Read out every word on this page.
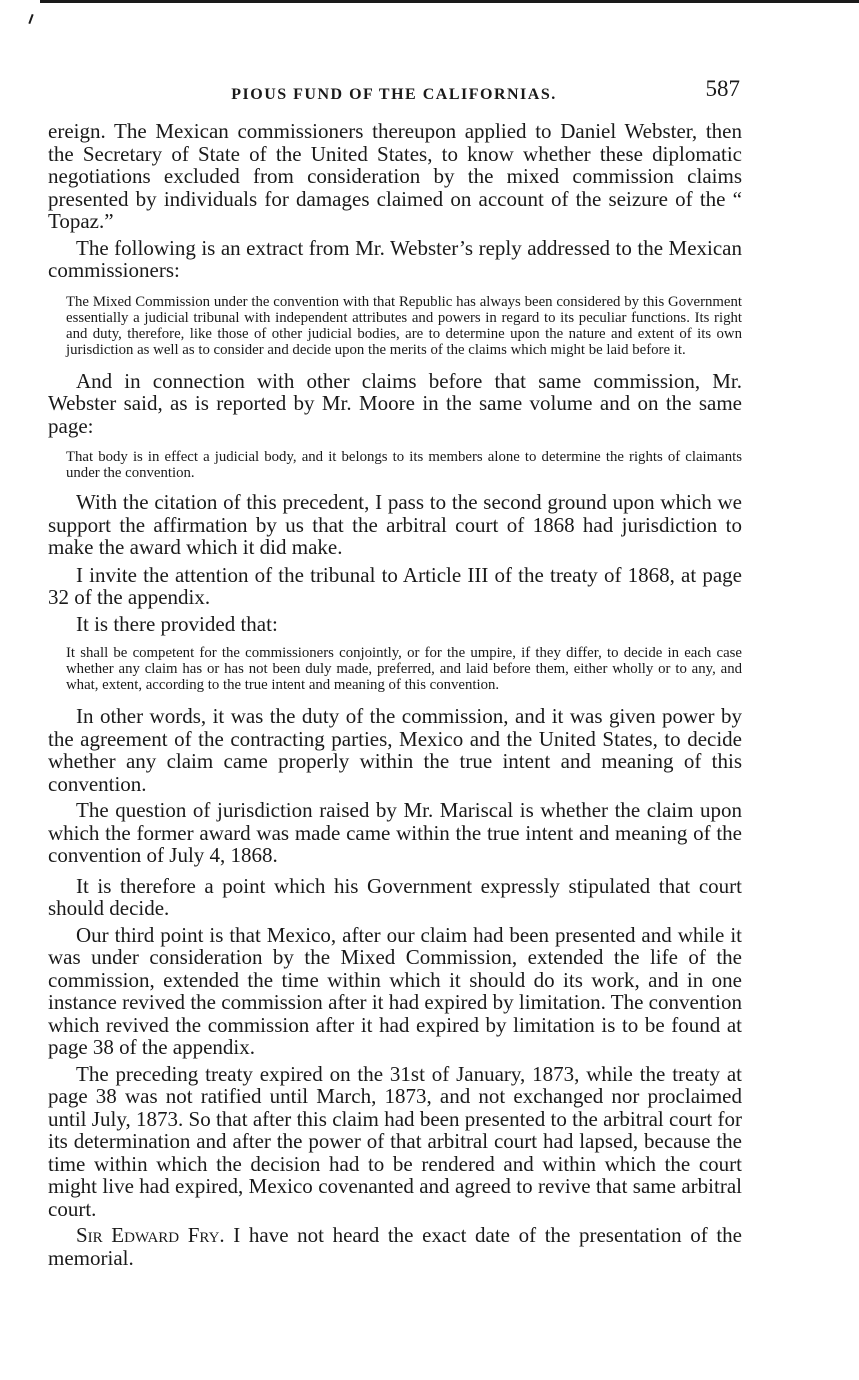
PIOUS FUND OF THE CALIFORNIAS.	587

ereign. The Mexican commissioners thereupon applied to Daniel Webster, then the Secretary of State of the United States, to know whether these diplomatic negotiations excluded from consideration by the mixed commission claims presented by individuals for damages claimed on account of the seizure of the “ Topaz.”

The following is an extract from Mr. Webster’s reply addressed to the Mexican commissioners:

The Mixed Commission under the convention with that Republic has always been considered by this Government essentially a judicial tribunal with independent attributes and powers in regard to its peculiar functions. Its right and duty, therefore, like those of other judicial bodies, are to determine upon the nature and extent of its own jurisdiction as well as to consider and decide upon the merits of the claims which might be laid before it.

And in connection with other claims before that same commission, Mr. Webster said, as is reported by Mr. Moore in the same volume and on the same page:

That body is in effect a judicial body, and it belongs to its members alone to determine the rights of claimants under the convention.

With the citation of this precedent, I pass to the second ground upon which we support the affirmation by us that the arbitral court of 1868 had jurisdiction to make the award which it did make.

I invite the attention of the tribunal to Article III of the treaty of 1868, at page 32 of the appendix.

It is there provided that:

It shall be competent for the commissioners conjointly, or for the umpire, if they differ, to decide in each case whether any claim has or has not been duly made, preferred, and laid before them, either wholly or to any, and what, extent, according to the true intent and meaning of this convention.

In other words, it was the duty of the commission, and it was given power by the agreement of the contracting parties, Mexico and the United States, to decide whether any claim came properly within the true intent and meaning of this convention.

The question of jurisdiction raised by Mr. Mariscal is whether the claim upon which the former award was made came within the true intent and meaning of the convention of July 4, 1868.

It is therefore a point which his Government expressly stipulated that court should decide.

Our third point is that Mexico, after our claim had been presented and while it was under consideration by the Mixed Commission, extended the life of the commission, extended the time within which it should do its work, and in one instance revived the commission after it had expired by limitation. The convention which revived the commission after it had expired by limitation is to be found at page 38 of the appendix.

The preceding treaty expired on the 31st of January, 1873, while the treaty at page 38 was not ratified until March, 1873, and not exchanged nor proclaimed until July, 1873. So that after this claim had been presented to the arbitral court for its determination and after the power of that arbitral court had lapsed, because the time within which the decision had to be rendered and within which the court might live had expired, Mexico covenanted and agreed to revive that same arbitral court.

Sir Edward Fry. I have not heard the exact date of the presentation of the memorial.
